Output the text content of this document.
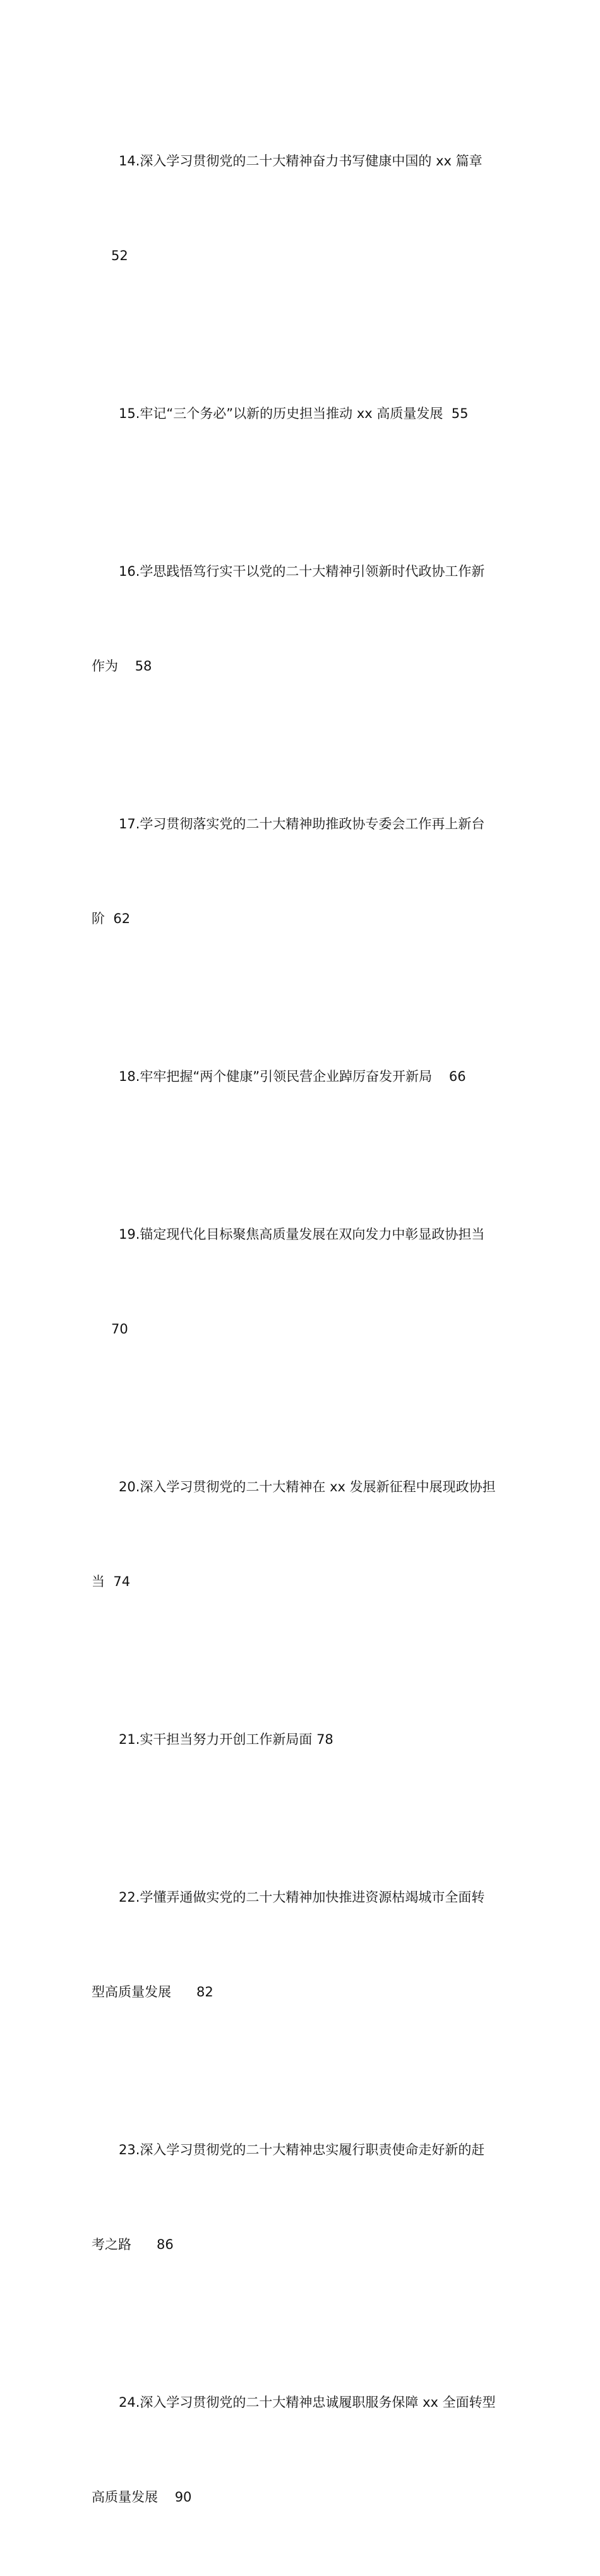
14.深入学习贯彻党的二十大精神奋力书写健康中国的 xx 篇章

52

15.牢记“三个务必”以新的历史担当推动 xx 高质量发展  55

16.学思践悟笃行实干以党的二十大精神引领新时代政协工作新

作为    58

17.学习贯彻落实党的二十大精神助推政协专委会工作再上新台

阶  62

18.牢牢把握“两个健康”引领民营企业踔厉奋发开新局    66

19.锚定现代化目标聚焦高质量发展在双向发力中彰显政协担当

70

20.深入学习贯彻党的二十大精神在 xx 发展新征程中展现政协担

当  74

21.实干担当努力开创工作新局面 78

22.学懂弄通做实党的二十大精神加快推进资源枯竭城市全面转

型高质量发展      82

23.深入学习贯彻党的二十大精神忠实履行职责使命走好新的赶

考之路      86

24.深入学习贯彻党的二十大精神忠诚履职服务保障 xx 全面转型

高质量发展    90
